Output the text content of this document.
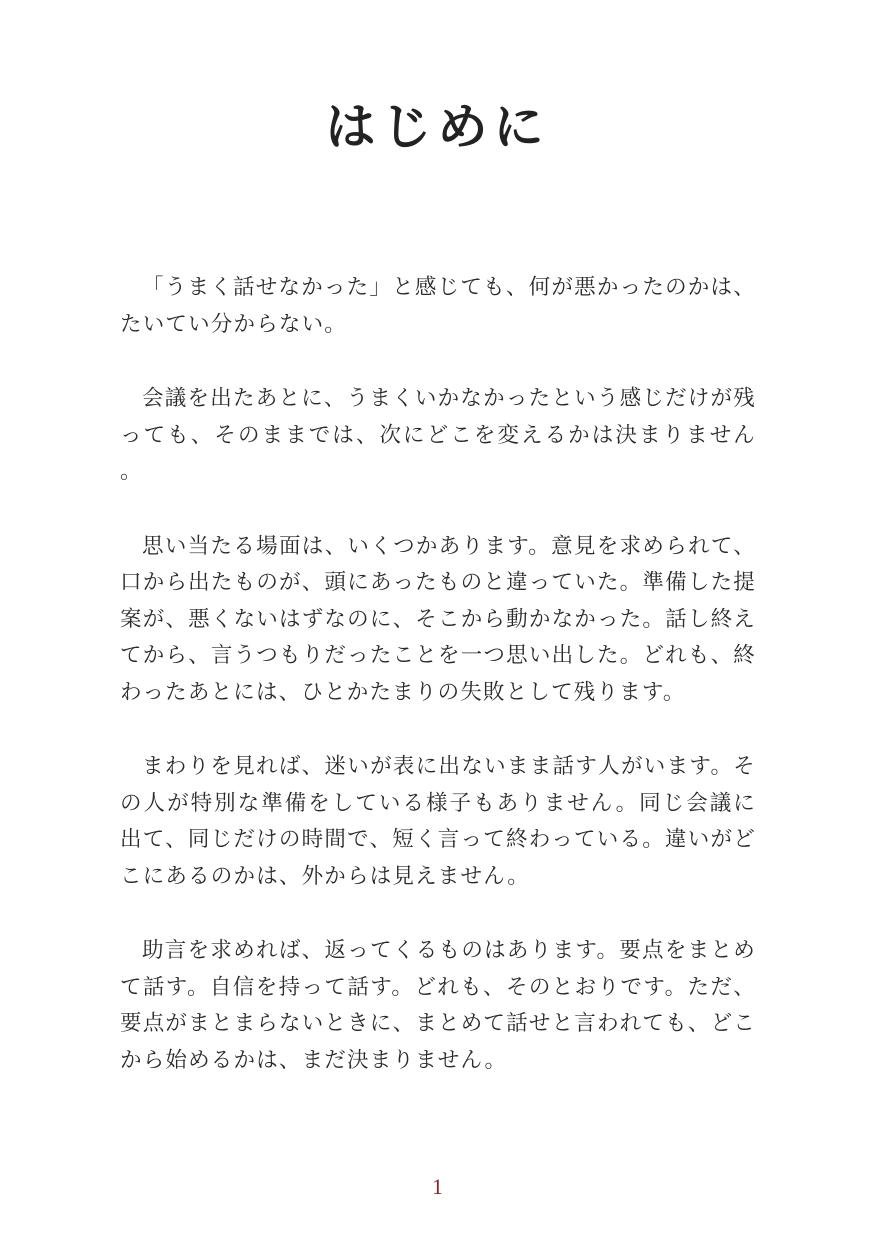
はじめに

「うまく話せなかった」と感じても、何が悪かったのかは、たいてい分からない。

会議を出たあとに、うまくいかなかったという感じだけが残っても、そのままでは、次にどこを変えるかは決まりません。

思い当たる場面は、いくつかあります。意見を求められて、口から出たものが、頭にあったものと違っていた。準備した提案が、悪くないはずなのに、そこから動かなかった。話し終えてから、言うつもりだったことを一つ思い出した。どれも、終わったあとには、ひとかたまりの失敗として残ります。

まわりを見れば、迷いが表に出ないまま話す人がいます。その人が特別な準備をしている様子もありません。同じ会議に出て、同じだけの時間で、短く言って終わっている。違いがどこにあるのかは、外からは見えません。

助言を求めれば、返ってくるものはあります。要点をまとめて話す。自信を持って話す。どれも、そのとおりです。ただ、要点がまとまらないときに、まとめて話せと言われても、どこから始めるかは、まだ決まりません。

1
